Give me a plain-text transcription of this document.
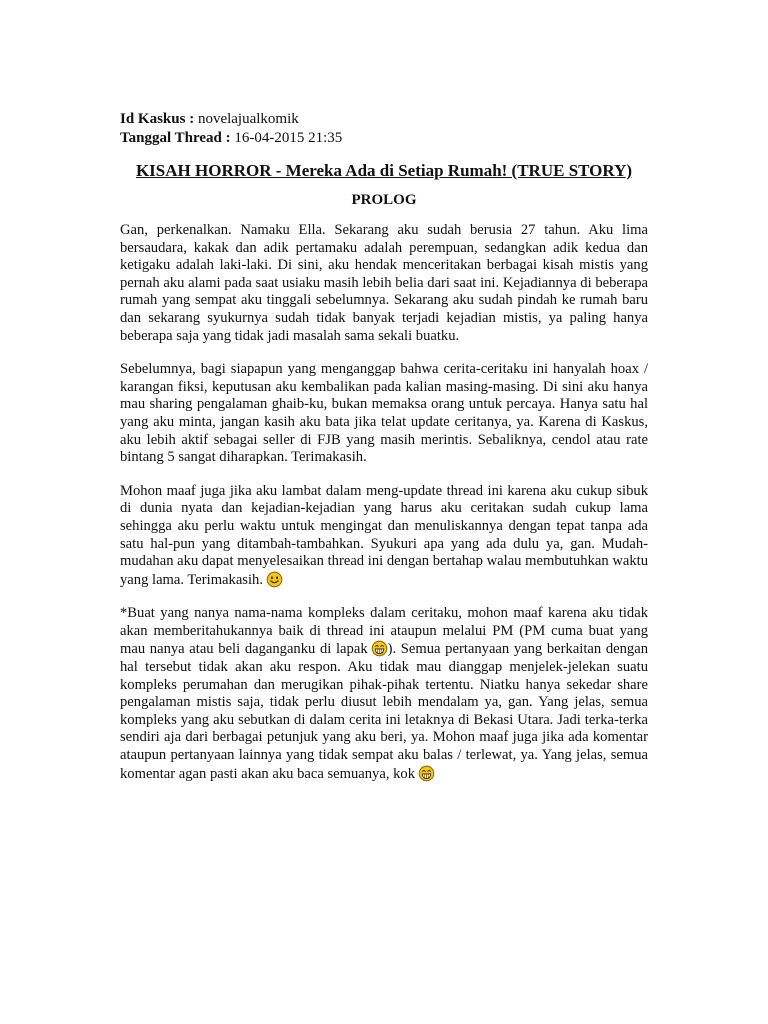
Id Kaskus : novelajualkomik

Tanggal Thread : 16-04-2015 21:35

KISAH HORROR - Mereka Ada di Setiap Rumah! (TRUE STORY)
PROLOG

Gan, perkenalkan. Namaku Ella. Sekarang aku sudah berusia 27 tahun. Aku lima bersaudara, kakak dan adik pertamaku adalah perempuan, sedangkan adik kedua dan ketigaku adalah laki-laki. Di sini, aku hendak menceritakan berbagai kisah mistis yang pernah aku alami pada saat usiaku masih lebih belia dari saat ini. Kejadiannya di beberapa rumah yang sempat aku tinggali sebelumnya. Sekarang aku sudah pindah ke rumah baru dan sekarang syukurnya sudah tidak banyak terjadi kejadian mistis, ya paling hanya beberapa saja yang tidak jadi masalah sama sekali buatku.

Sebelumnya, bagi siapapun yang menganggap bahwa cerita-ceritaku ini hanyalah hoax / karangan fiksi, keputusan aku kembalikan pada kalian masing-masing. Di sini aku hanya mau sharing pengalaman ghaib-ku, bukan memaksa orang untuk percaya. Hanya satu hal yang aku minta, jangan kasih aku bata jika telat update ceritanya, ya. Karena di Kaskus, aku lebih aktif sebagai seller di FJB yang masih merintis. Sebaliknya, cendol atau rate bintang 5 sangat diharapkan. Terimakasih.

Mohon maaf juga jika aku lambat dalam meng-update thread ini karena aku cukup sibuk di dunia nyata dan kejadian-kejadian yang harus aku ceritakan sudah cukup lama sehingga aku perlu waktu untuk mengingat dan menuliskannya dengan tepat tanpa ada satu hal-pun yang ditambah-tambahkan. Syukuri apa yang ada dulu ya, gan. Mudah-mudahan aku dapat menyelesaikan thread ini dengan bertahap walau membutuhkan waktu yang lama. Terimakasih.

*Buat yang nanya nama-nama kompleks dalam ceritaku, mohon maaf karena aku tidak akan memberitahukannya baik di thread ini ataupun melalui PM (PM cuma buat yang mau nanya atau beli daganganku di lapak ). Semua pertanyaan yang berkaitan dengan hal tersebut tidak akan aku respon. Aku tidak mau dianggap menjelek-jelekan suatu kompleks perumahan dan merugikan pihak-pihak tertentu. Niatku hanya sekedar share pengalaman mistis saja, tidak perlu diusut lebih mendalam ya, gan. Yang jelas, semua kompleks yang aku sebutkan di dalam cerita ini letaknya di Bekasi Utara. Jadi terka-terka sendiri aja dari berbagai petunjuk yang aku beri, ya. Mohon maaf juga jika ada komentar ataupun pertanyaan lainnya yang tidak sempat aku balas / terlewat, ya. Yang jelas, semua komentar agan pasti akan aku baca semuanya, kok
